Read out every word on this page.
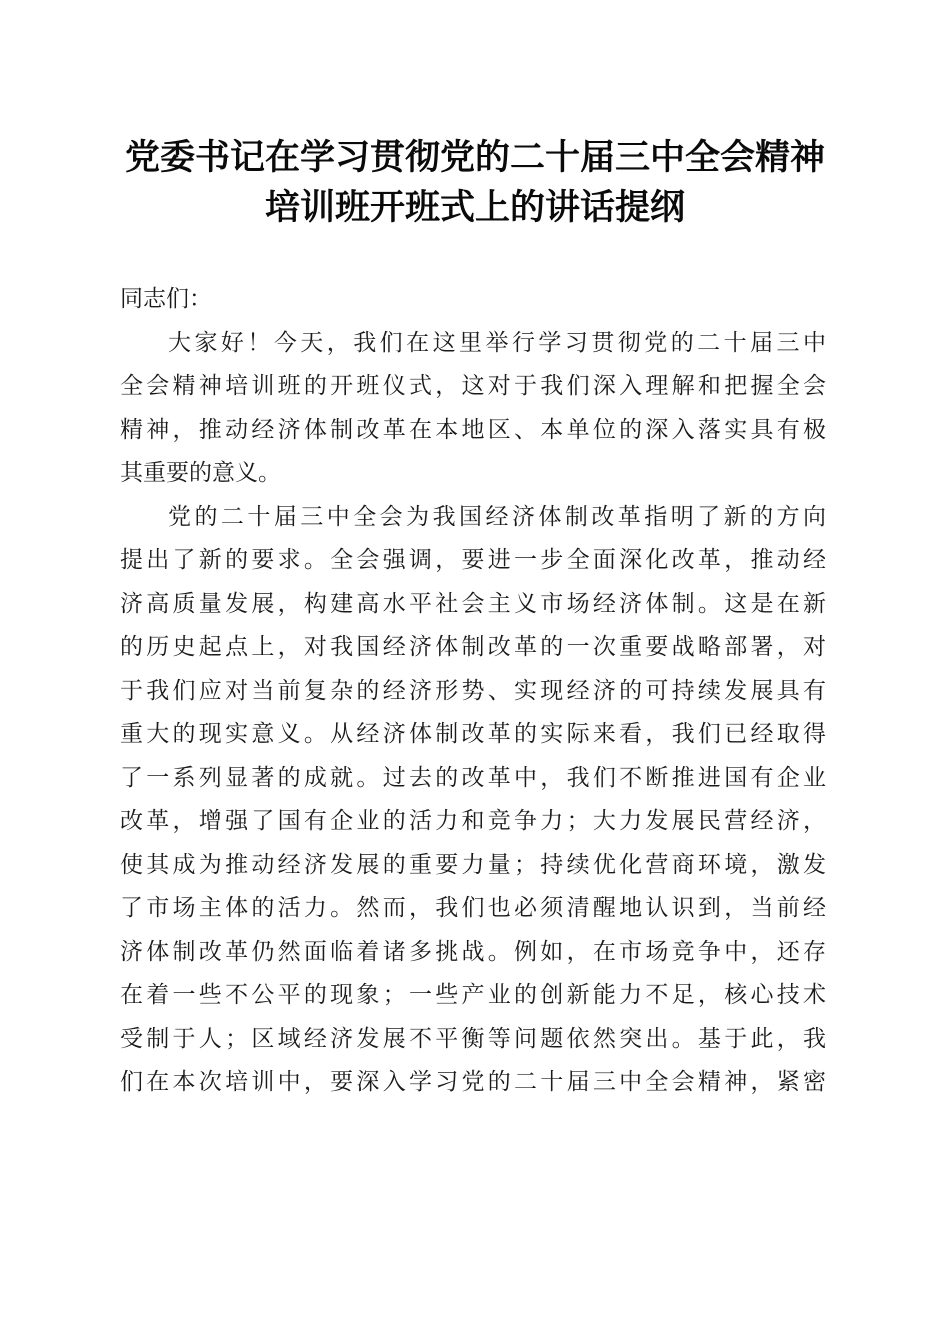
党委书记在学习贯彻党的二十届三中全会精神
培训班开班式上的讲话提纲
同志们：
大家好！今天，我们在这里举行学习贯彻党的二十届三中
全会精神培训班的开班仪式，这对于我们深入理解和把握全会
精神，推动经济体制改革在本地区、本单位的深入落实具有极
其重要的意义。
党的二十届三中全会为我国经济体制改革指明了新的方向
提出了新的要求。全会强调，要进一步全面深化改革，推动经
济高质量发展，构建高水平社会主义市场经济体制。这是在新
的历史起点上，对我国经济体制改革的一次重要战略部署，对
于我们应对当前复杂的经济形势、实现经济的可持续发展具有
重大的现实意义。从经济体制改革的实际来看，我们已经取得
了一系列显著的成就。过去的改革中，我们不断推进国有企业
改革，增强了国有企业的活力和竞争力；大力发展民营经济，
使其成为推动经济发展的重要力量；持续优化营商环境，激发
了市场主体的活力。然而，我们也必须清醒地认识到，当前经
济体制改革仍然面临着诸多挑战。例如，在市场竞争中，还存
在着一些不公平的现象；一些产业的创新能力不足，核心技术
受制于人；区域经济发展不平衡等问题依然突出。基于此，我
们在本次培训中，要深入学习党的二十届三中全会精神，紧密
